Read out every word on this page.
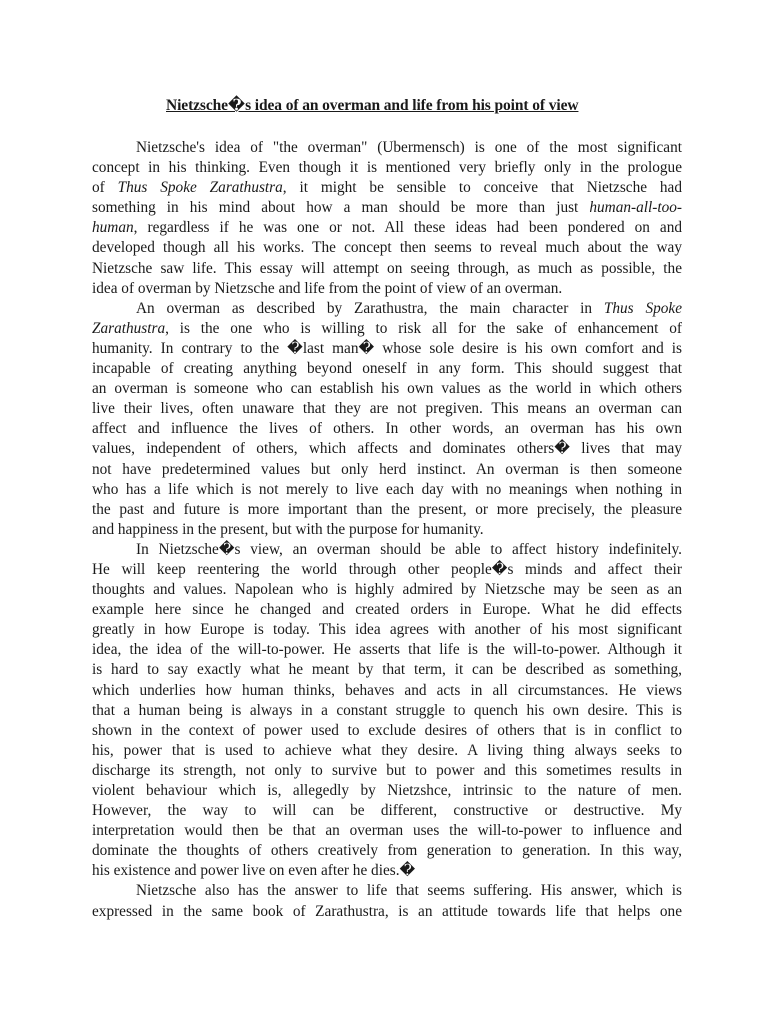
Nietzsche�s idea of an overman and life from his point of view
Nietzsche's idea of "the overman" (Ubermensch) is one of the most significant
concept in his thinking. Even though it is mentioned very briefly only in the prologue
of Thus Spoke Zarathustra, it might be sensible to conceive that Nietzsche had
something in his mind about how a man should be more than just human-all-too-
human, regardless if he was one or not. All these ideas had been pondered on and
developed though all his works. The concept then seems to reveal much about the way
Nietzsche saw life. This essay will attempt on seeing through, as much as possible, the
idea of overman by Nietzsche and life from the point of view of an overman.
An overman as described by Zarathustra, the main character in Thus Spoke
Zarathustra, is the one who is willing to risk all for the sake of enhancement of
humanity. In contrary to the �last man� whose sole desire is his own comfort and is
incapable of creating anything beyond oneself in any form. This should suggest that
an overman is someone who can establish his own values as the world in which others
live their lives, often unaware that they are not pregiven. This means an overman can
affect and influence the lives of others. In other words, an overman has his own
values, independent of others, which affects and dominates others� lives that may
not have predetermined values but only herd instinct. An overman is then someone
who has a life which is not merely to live each day with no meanings when nothing in
the past and future is more important than the present, or more precisely, the pleasure
and happiness in the present, but with the purpose for humanity.
In Nietzsche�s view, an overman should be able to affect history indefinitely.
He will keep reentering the world through other people�s minds and affect their
thoughts and values. Napolean who is highly admired by Nietzsche may be seen as an
example here since he changed and created orders in Europe. What he did effects
greatly in how Europe is today. This idea agrees with another of his most significant
idea, the idea of the will-to-power. He asserts that life is the will-to-power. Although it
is hard to say exactly what he meant by that term, it can be described as something,
which underlies how human thinks, behaves and acts in all circumstances. He views
that a human being is always in a constant struggle to quench his own desire. This is
shown in the context of power used to exclude desires of others that is in conflict to
his, power that is used to achieve what they desire. A living thing always seeks to
discharge its strength, not only to survive but to power and this sometimes results in
violent behaviour which is, allegedly by Nietzshce, intrinsic to the nature of men.
However, the way to will can be different, constructive or destructive. My
interpretation would then be that an overman uses the will-to-power to influence and
dominate the thoughts of others creatively from generation to generation. In this way,
his existence and power live on even after he dies.�
Nietzsche also has the answer to life that seems suffering. His answer, which is
expressed in the same book of Zarathustra, is an attitude towards life that helps one
